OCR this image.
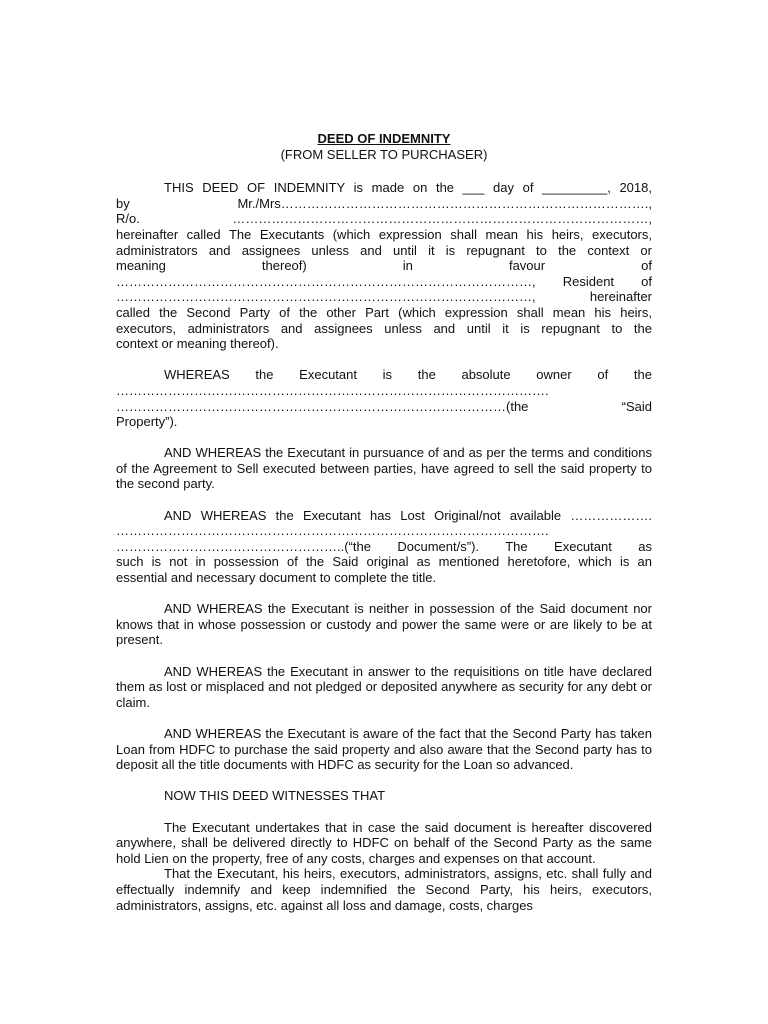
DEED OF INDEMNITY

(FROM SELLER TO PURCHASER)

THIS DEED OF INDEMNITY is made on the ___ day of _________, 2018,
by Mr./Mrs………………………………………………………………………….,
R/o. ……………………………………………………………………………………,
hereinafter called The Executants (which expression shall mean his heirs, executors,
administrators and assignees unless and until it is repugnant to the context or
meaning thereof) in favour of
……………………………………………………………………………………, Resident of
……………………………………………………………………………………, hereinafter
called the Second Party of the other Part (which expression shall mean his heirs,
executors, administrators and assignees unless and until it is repugnant to the
context or meaning thereof).
WHEREAS the Executant is the absolute owner of the
……………………………………………………………………………………….
………………………………………………………………………………(the “Said
Property”).

AND WHEREAS the Executant in pursuance of and as per the terms and conditions of the Agreement to Sell executed between parties, have agreed to sell the said property to the second party.

AND WHEREAS the Executant has Lost Original/not available ……………….
……………………………………………………………………………………….
……………………………………………..(“the Document/s”). The Executant as
such is not in possession of the Said original as mentioned heretofore, which is an
essential and necessary document to complete the title.

AND WHEREAS the Executant is neither in possession of the Said document nor knows that in whose possession or custody and power the same were or are likely to be at present.

AND WHEREAS the Executant in answer to the requisitions on title have declared them as lost or misplaced and not pledged or deposited anywhere as security for any debt or claim.

AND WHEREAS the Executant is aware of the fact that the Second Party has taken Loan from HDFC to purchase the said property and also aware that the Second party has to deposit all the title documents with HDFC as security for the Loan so advanced.

NOW THIS DEED WITNESSES THAT

The Executant undertakes that in case the said document is hereafter discovered anywhere, shall be delivered directly to HDFC on behalf of the Second Party as the same hold Lien on the property, free of any costs, charges and expenses on that account.

That the Executant, his heirs, executors, administrators, assigns, etc. shall fully and effectually indemnify and keep indemnified the Second Party, his heirs, executors, administrators, assigns, etc. against all loss and damage, costs, charges
